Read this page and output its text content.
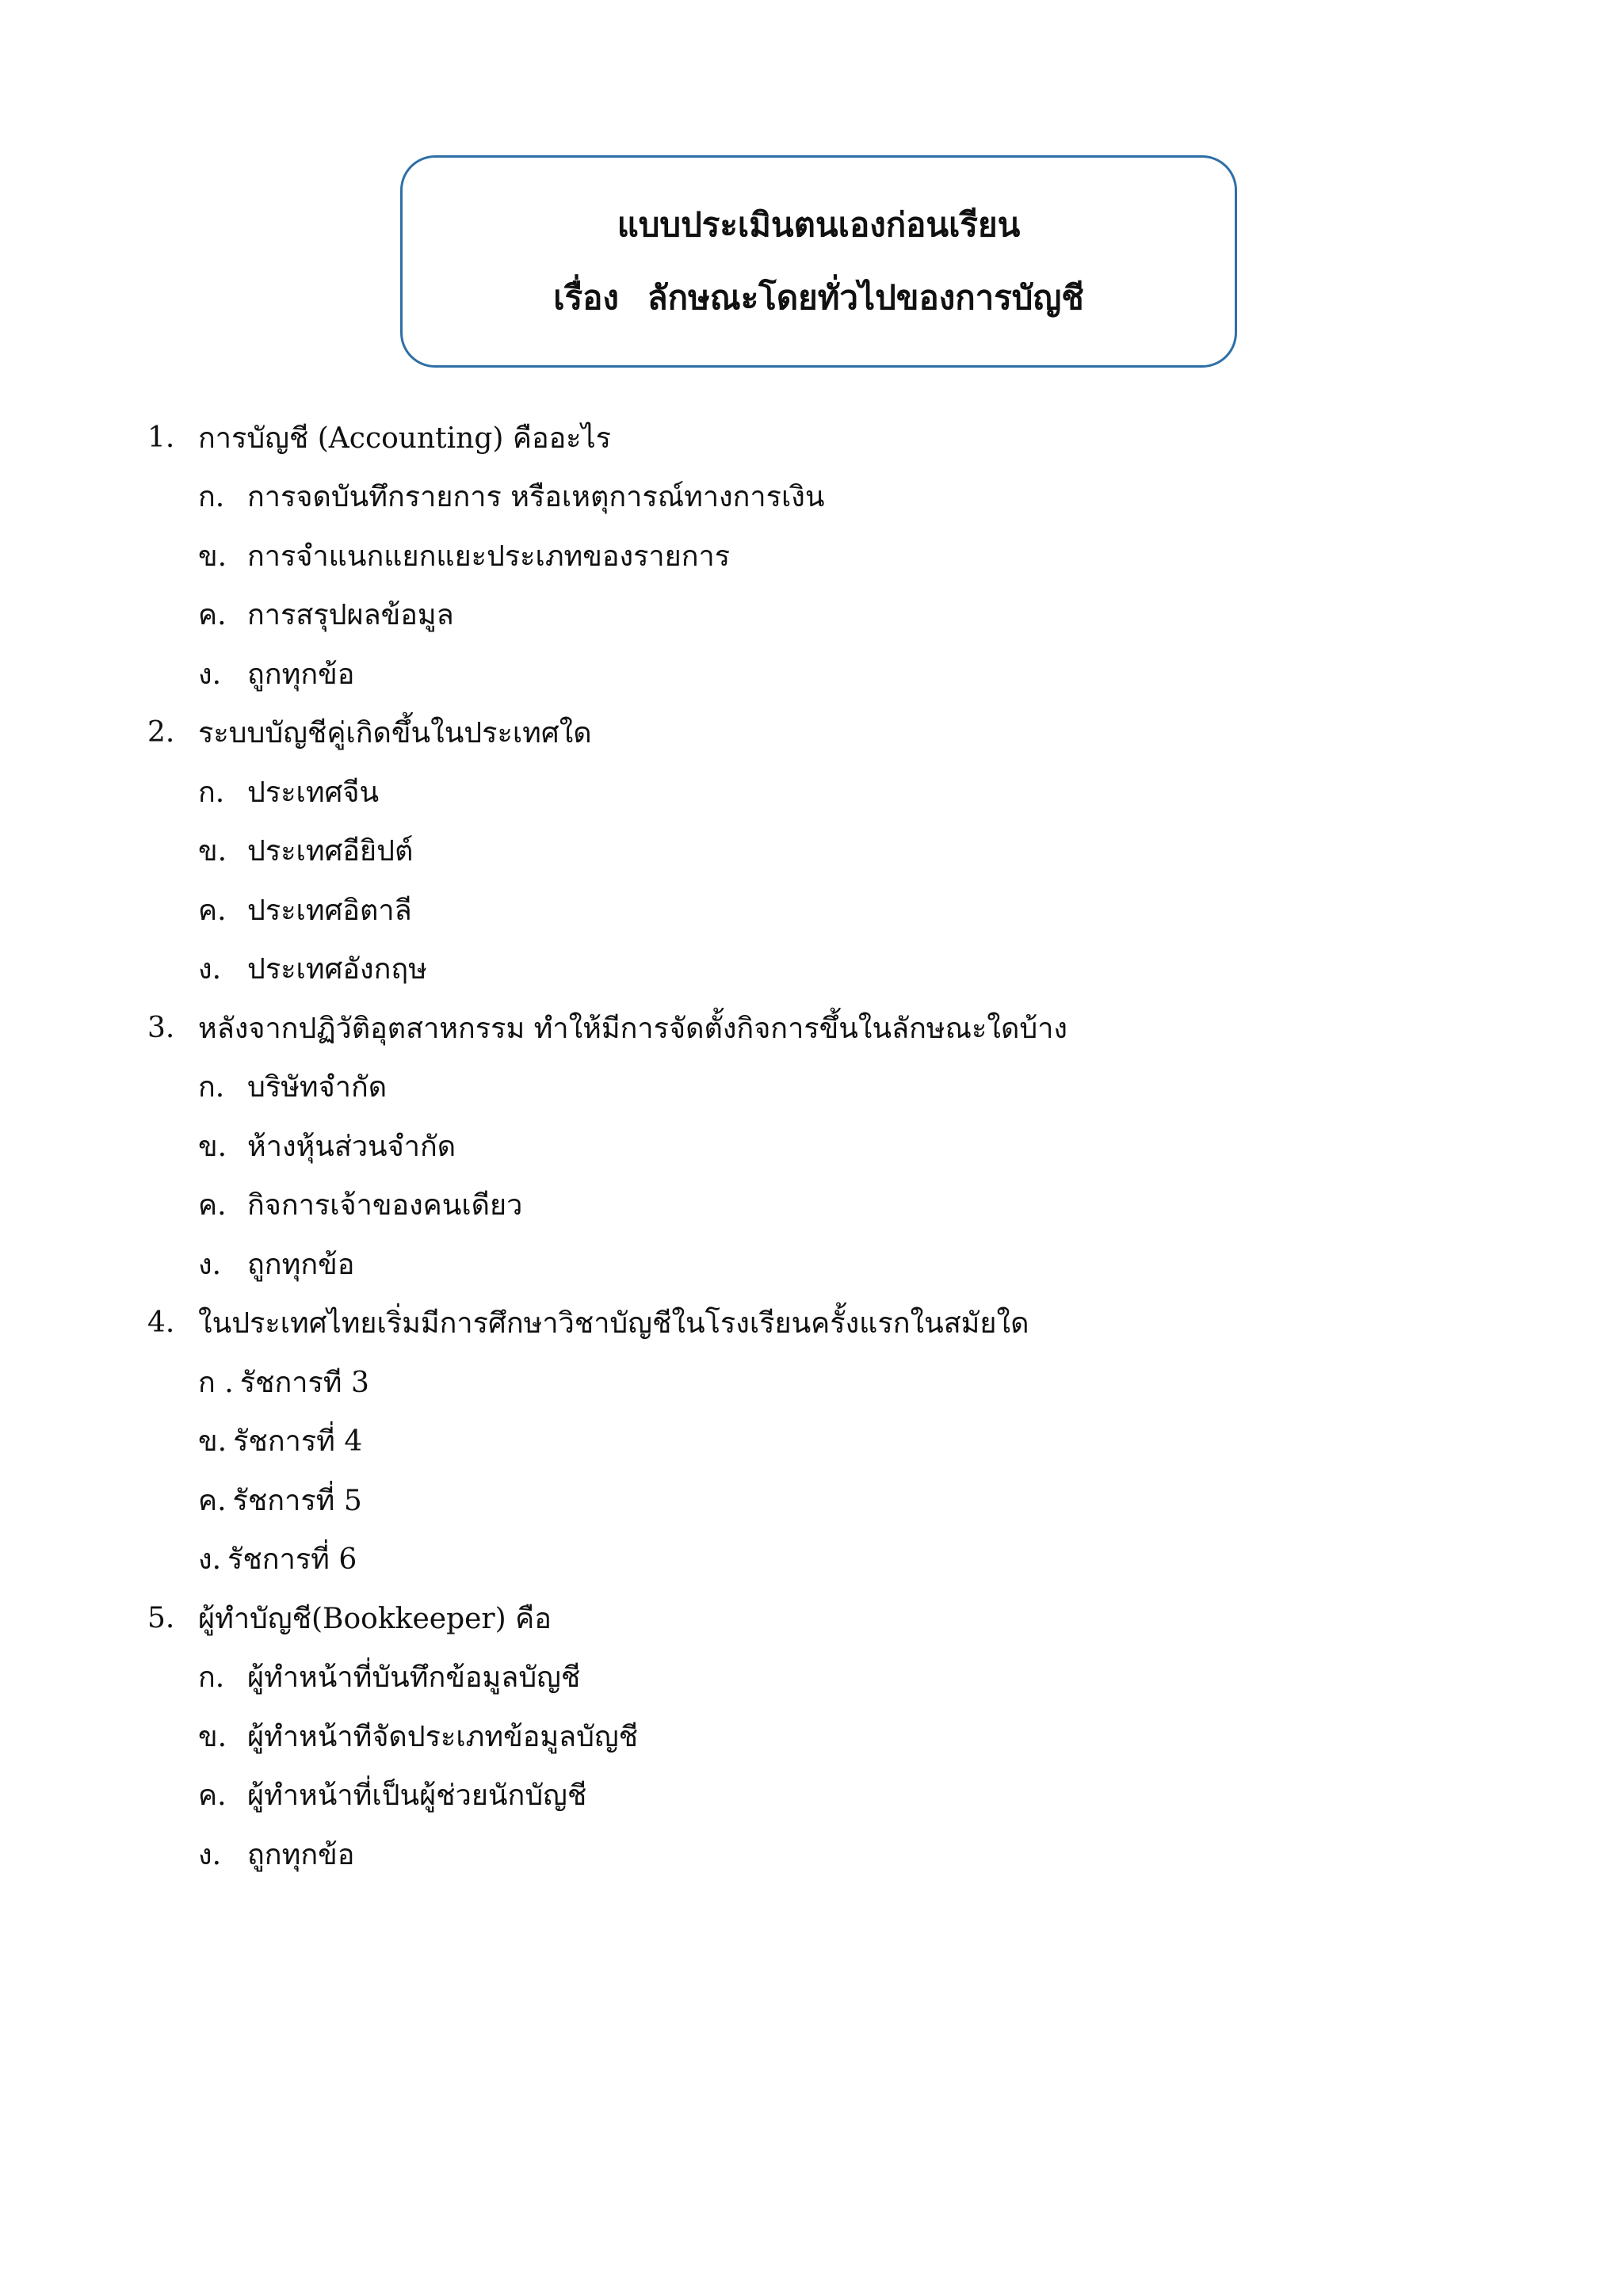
แบบประเมินตนเองก่อนเรียน
เรื่อง ลักษณะโดยทั่วไปของการบัญชี
1. การบัญชี (Accounting) คืออะไร
ก. การจดบันทึกรายการ หรือเหตุการณ์ทางการเงิน
ข. การจำแนกแยกแยะประเภทของรายการ
ค. การสรุปผลข้อมูล
ง. ถูกทุกข้อ
2. ระบบบัญชีคู่เกิดขึ้นในประเทศใด
ก. ประเทศจีน
ข. ประเทศอียิปต์
ค. ประเทศอิตาลี
ง. ประเทศอังกฤษ
3. หลังจากปฏิวัติอุตสาหกรรม ทำให้มีการจัดตั้งกิจการขึ้นในลักษณะใดบ้าง
ก. บริษัทจำกัด
ข. ห้างหุ้นส่วนจำกัด
ค. กิจการเจ้าของคนเดียว
ง. ถูกทุกข้อ
4. ในประเทศไทยเริ่มมีการศึกษาวิชาบัญชีในโรงเรียนครั้งแรกในสมัยใด
ก . รัชการที 3
ข. รัชการที่ 4
ค. รัชการที่ 5
ง. รัชการที่ 6
5. ผู้ทำบัญชี(Bookkeeper) คือ
ก. ผู้ทำหน้าที่บันทึกข้อมูลบัญชี
ข. ผู้ทำหน้าทีจัดประเภทข้อมูลบัญชี
ค. ผู้ทำหน้าที่เป็นผู้ช่วยนักบัญชี
ง. ถูกทุกข้อ
